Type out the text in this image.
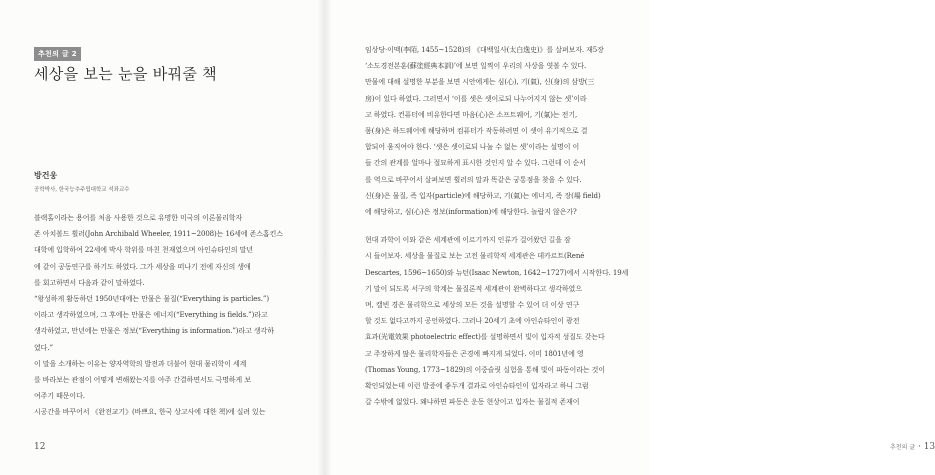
추천의 글 2
세상을 보는 눈을 바꿔줄 책
방건웅
공학박사, 한국능추주립대학교 석좌교수
블랙홀이라는 용어를 처음 사용한 것으로 유명한 미국의 이론물리학자
존 아치볼드 휠러(John Archibald Wheeler, 1911~2008)는 16세에 존스홉킨스
대학에 입학하여 22세에 박사 학위를 마친 천재였으며 아인슈타인의 말년
에 같이 공동연구를 하기도 하였다. 그가 세상을 떠나기 전에 자신의 생애
를 회고하면서 다음과 같이 말하였다.
“왕성하게 활동하던 1950년대에는 만물은 물질(“Everything is particles.”)
이라고 생각하였으며, 그 후에는 만물은 에너지(“Everything is fields.”)라고
생각하였고, 만년에는 만물은 정보(“Everything is information.”)라고 생각하
였다.”
이 말을 소개하는 이유는 양자역학의 발전과 더불어 현대 물리학이 세계
를 바라보는 관점이 어떻게 변해왔는지를 아주 간결하면서도 극명하게 보
여주기 때문이다.
시공간을 바꾸어서 《완전교기》(바쁘요, 한국 상고사에 대한 책)에 실려 있는
12	추천의 글 · 13
임상당·이맥(李陌, 1455~1528)의 《대백일사(太白逸史)》를 살펴보자. 재5장
‘소도경전본훈(蘇塗經典本訓)’에 보면 일찍이 우리의 사상을 엿볼 수 있다.
만물에 대해 설명한 부분을 보면 시안에게는 심(心), 기(氣), 신(身)의 삼방(三
房)이 있다 하였다. 그러면서 ‘이를 셋은 셋이로되 나누어지지 않는 셋’이라
고 하였다. 컨퓨터에 비유한다면 마음(心)은 소프트웨어, 기(氣)는 전기,
몸(身)은 하드웨어에 해당하며 컴퓨터가 작동하려면 이 셋이 유기적으로 결
합되어 움직여야 한다. ‘셋은 셋이로되 나눌 수 없는 셋’이라는 설명이 이
들 간의 관계를 얼마나 절묘하게 표시한 것인지 알 수 있다. 그런데 이 순서
를 역으로 바꾸어서 살펴보면 휠러의 말과 똑같은 궁통점을 찾을 수 있다.
신(身)은 물질, 즉 입자(particle)에 해당하고, 기(氣)는 에너지, 즉 장(場 field)
에 해당하고, 심(心)은 정보(information)에 해당한다. 놀랍지 않은가?
현대 과학이 이와 같은 세계관에 이르기까지 인류가 걸어왔던 길을 잠
시 들어보자. 세상을 물질로 보는 고전 물리학적 세계관은 데카르트(René
Descartes, 1596~1650)와 뉴턴(Isaac Newton, 1642~1727)에서 시작한다. 19세
기 말이 되도록 서구의 학계는 물질론적 세계관이 완벽하다고 생각하였으
며, 캘빈 경은 물리학으로 세상의 모든 것을 설명할 수 있어 더 이상 연구
할 것도 없다고까지 공언하였다. 그러나 20세기 초에 아인슈타인이 광전
효과(光電效果 photoelectric effect)를 설명하면서 빛이 입자적 성질도 갖는다
고 주장하게 많은 물리학자들은 곤경에 빠지게 되었다. 이미 1801년에 영
(Thomas Young, 1773~1829)의 이중슬릿 실험을 통해 빛이 파동이라는 것이
확인되었는데 이런 발증에 좋두개 결과로 아인슈타인이 입자라고 하니 그럼
갈 수밖에 없었다. 왜냐하면 파동은 운동 현상이고 입자는 물질적 존재이
